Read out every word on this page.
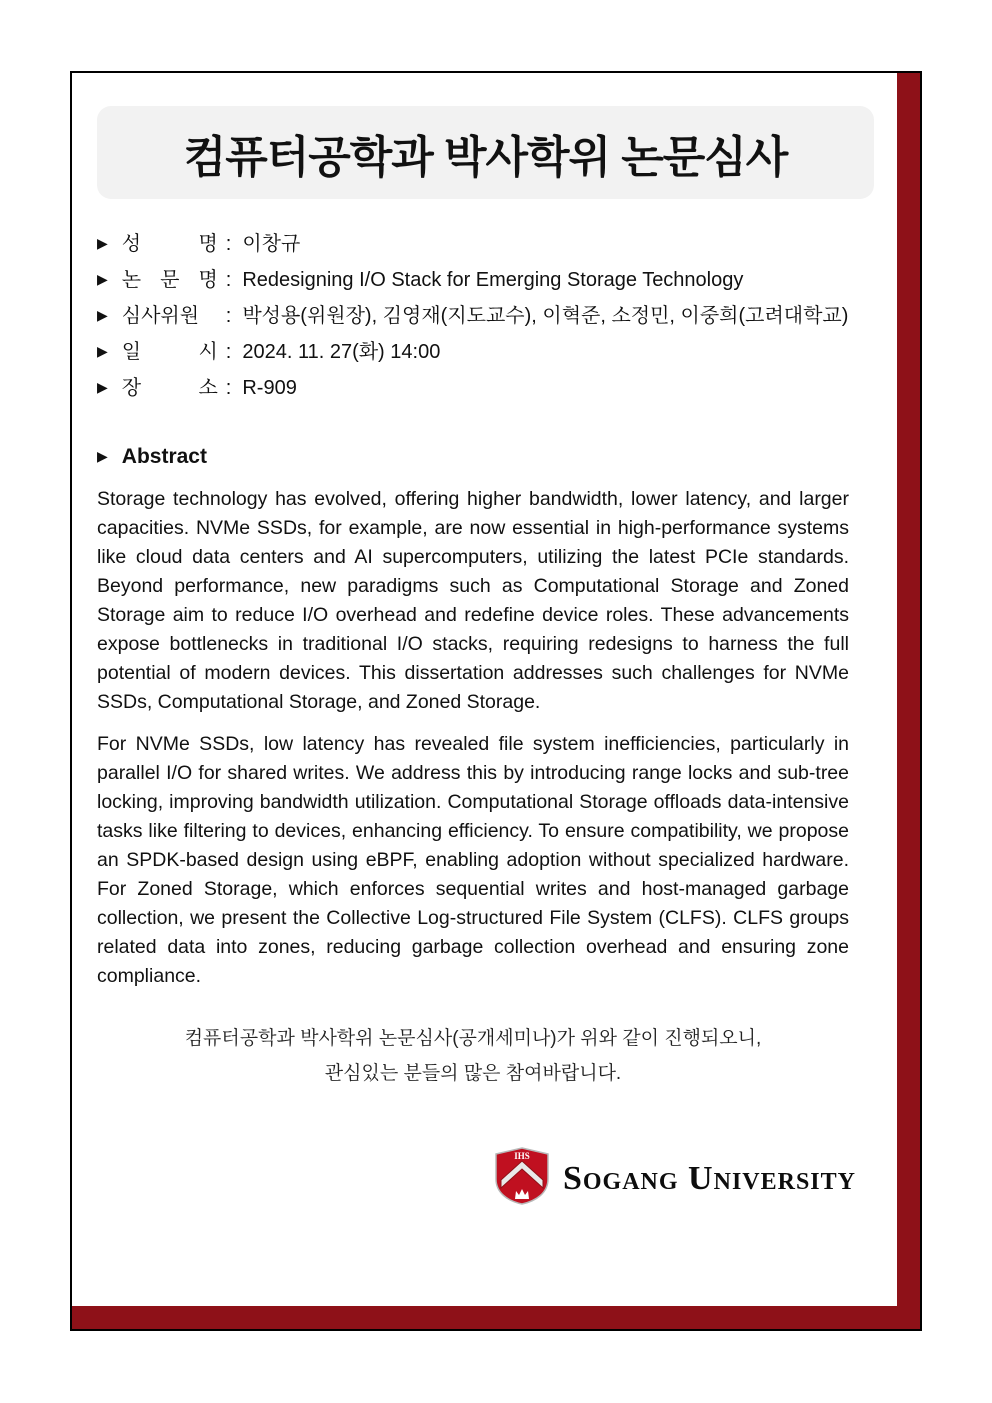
컴퓨터공학과 박사학위 논문심사
▶ 성 명 : 이창규
▶ 논 문 명 : Redesigning I/O Stack for Emerging Storage Technology
▶ 심사위원	: 박성용(위원장), 김영재(지도교수), 이혁준, 소정민, 이중희(고려대학교)
▶ 일 시 : 2024. 11. 27(화) 14:00
▶ 장 소 : R-909
▶ Abstract

Storage technology has evolved, offering higher bandwidth, lower latency, and larger capacities. NVMe SSDs, for example, are now essential in high-performance systems like cloud data centers and AI supercomputers, utilizing the latest PCIe standards. Beyond performance, new paradigms such as Computational Storage and Zoned Storage aim to reduce I/O overhead and redefine device roles. These advancements expose bottlenecks in traditional I/O stacks, requiring redesigns to harness the full potential of modern devices. This dissertation addresses such challenges for NVMe SSDs, Computational Storage, and Zoned Storage.

For NVMe SSDs, low latency has revealed file system inefficiencies, particularly in parallel I/O for shared writes. We address this by introducing range locks and sub-tree locking, improving bandwidth utilization. Computational Storage offloads data-intensive tasks like filtering to devices, enhancing efficiency. To ensure compatibility, we propose an SPDK-based design using eBPF, enabling adoption without specialized hardware. For Zoned Storage, which enforces sequential writes and host-managed garbage collection, we present the Collective Log-structured File System (CLFS). CLFS groups related data into zones, reducing garbage collection overhead and ensuring zone compliance.

컴퓨터공학과 박사학위 논문심사(공개세미나)가 위와 같이 진행되오니,
관심있는 분들의 많은 참여바랍니다.
IHS
Sogang University
